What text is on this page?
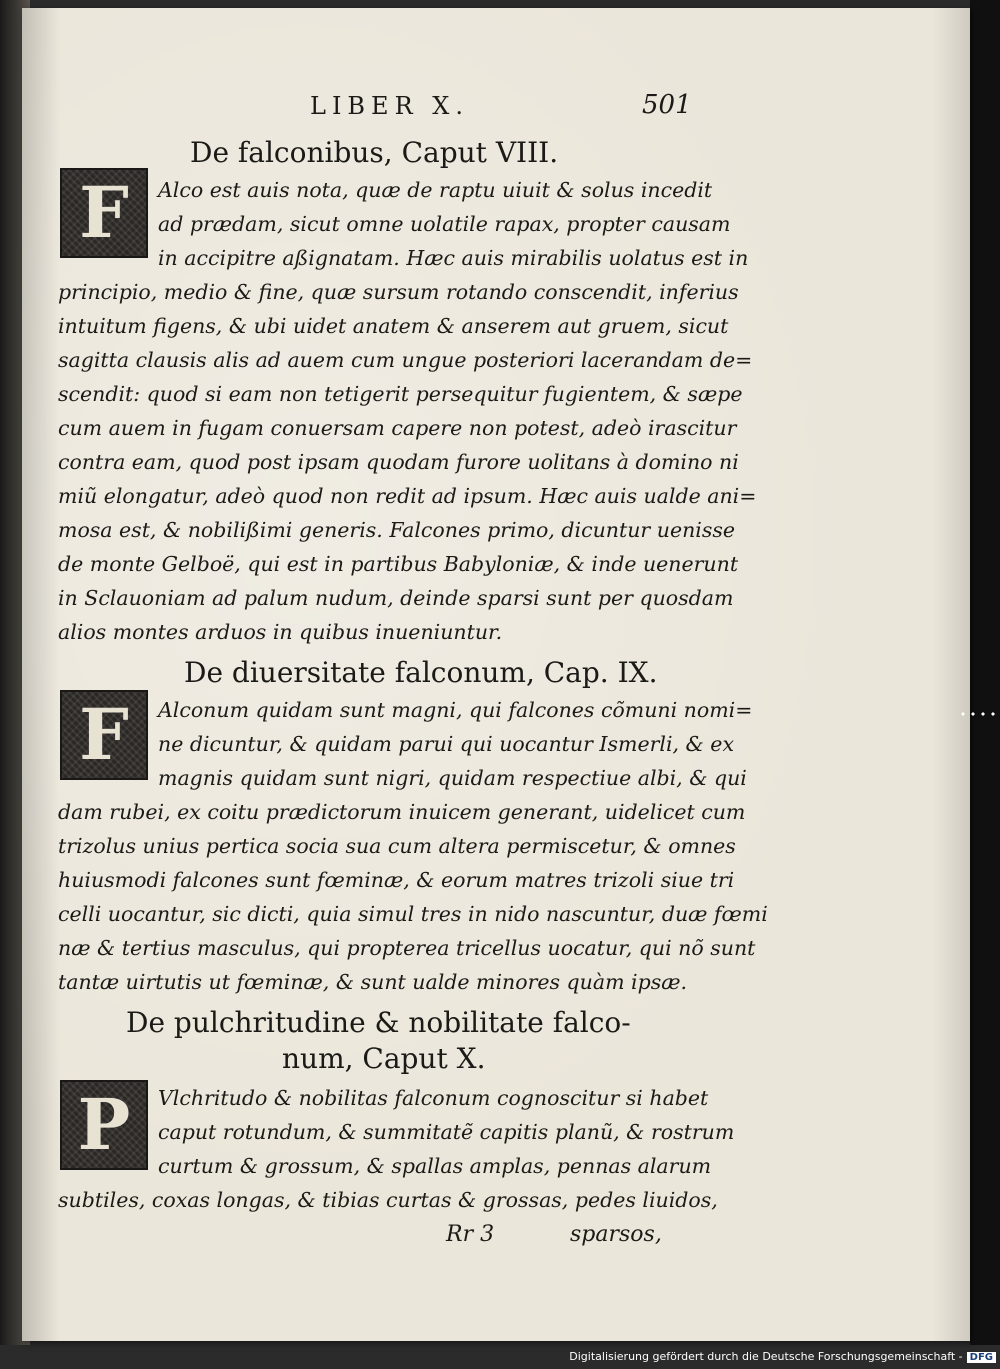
LIBER X.	501
De falconibus, Caput VIII.
F	Alco est auis nota, quæ de raptu uiuit & solus incedit
ad prædam, sicut omne uolatile rapax, propter causam
in accipitre aßignatam. Hæc auis mirabilis uolatus est in
principio, medio & fine, quæ sursum rotando conscendit, inferius
intuitum figens, & ubi uidet anatem & anserem aut gruem, sicut
sagitta clausis alis ad auem cum ungue posteriori lacerandam de=
scendit: quod si eam non tetigerit persequitur fugientem, & sæpe
cum auem in fugam conuersam capere non potest, adeò irascitur
contra eam, quod post ipsam quodam furore uolitans à domino ni
miũ elongatur, adeò quod non redit ad ipsum. Hæc auis ualde ani=
mosa est, & nobilißimi generis. Falcones primo, dicuntur uenisse
de monte Gelboë, qui est in partibus Babyloniæ, & inde uenerunt
in Sclauoniam ad palum nudum, deinde sparsi sunt per quosdam
alios montes arduos in quibus inueniuntur.
De diuersitate falconum, Cap. IX.
F	Alconum quidam sunt magni, qui falcones cõmuni nomi=
ne dicuntur, & quidam parui qui uocantur Ismerli, & ex
magnis quidam sunt nigri, quidam respectiue albi, & qui
dam rubei, ex coitu prædictorum inuicem generant, uidelicet cum
trizolus unius pertica socia sua cum altera permiscetur, & omnes
huiusmodi falcones sunt fœminæ, & eorum matres trizoli siue tri
celli uocantur, sic dicti, quia simul tres in nido nascuntur, duæ fœmi
næ & tertius masculus, qui propterea tricellus uocatur, qui nõ sunt
tantæ uirtutis ut fœminæ, & sunt ualde minores quàm ipsæ.
De pulchritudine & nobilitate falco-
num, Caput X.
P	Vlchritudo & nobilitas falconum cognoscitur si habet
caput rotundum, & summitatẽ capitis planũ, & rostrum
curtum & grossum, & spallas amplas, pennas alarum
subtiles, coxas longas, & tibias curtas & grossas, pedes liuidos,
Rr 3	sparsos,
Digitalisierung gefördert durch die Deutsche Forschungsgemeinschaft - DFG
